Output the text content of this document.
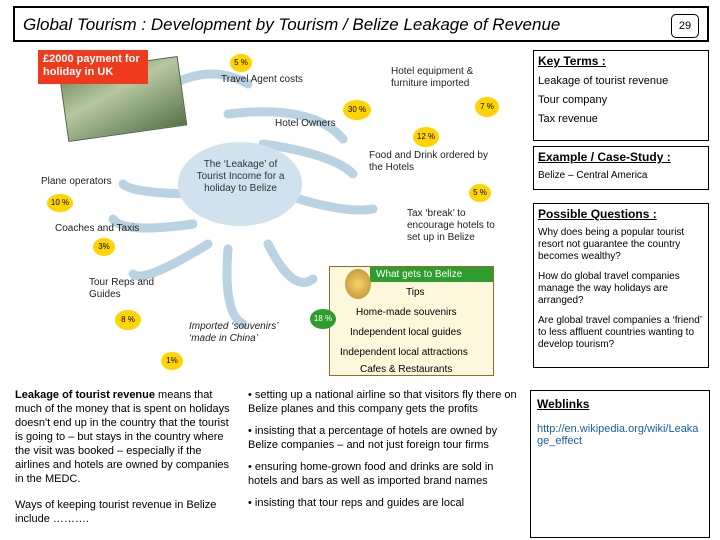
Global Tourism : Development by Tourism / Belize Leakage of Revenue	29
£2000 payment for holiday in UK
The ‘Leakage’ of Tourist Income for a holiday to Belize
Travel Agent costs
5 %
Hotel equipment & furniture imported
7 %
Hotel Owners
30 %
Food and Drink ordered by the Hotels
12 %
Tax ‘break’ to encourage hotels to set up in Belize
5 %
Plane operators
10 %
Coaches and Taxis
3%
Tour Reps and Guides
8 %
Imported ‘souvenirs’ ‘made in China’
1%
What gets to Belize
Tips
Home-made souvenirs
Independent local guides
Independent local attractions
Cafes & Restaurants
18 %
Key Terms :
Leakage of tourist revenue
Tour company
Tax revenue
Example / Case-Study :
Belize – Central America
Possible Questions :
Why does being a popular tourist resort not guarantee the country becomes wealthy?
How do global travel companies manage the way holidays are arranged?
Are global travel companies a ‘friend’ to less affluent countries wanting to develop tourism?

Leakage of tourist revenue means that much of the money that is spent on holidays doesn't end up in the country that the tourist is going to – but stays in the country where the visit was booked – especially if the airlines and hotels are owned by companies in the MEDC.

Ways of keeping tourist revenue in Belize include ……….

• setting up a national airline so that visitors fly there on Belize planes and this company gets the profits
• insisting that a percentage of hotels are owned by Belize companies – and not just foreign tour firms
• ensuring home-grown food and drinks are sold in hotels and bars as well as imported brand names
• insisting that tour reps and guides are local
Weblinks
http://en.wikipedia.org/wiki/Leakage_effect
